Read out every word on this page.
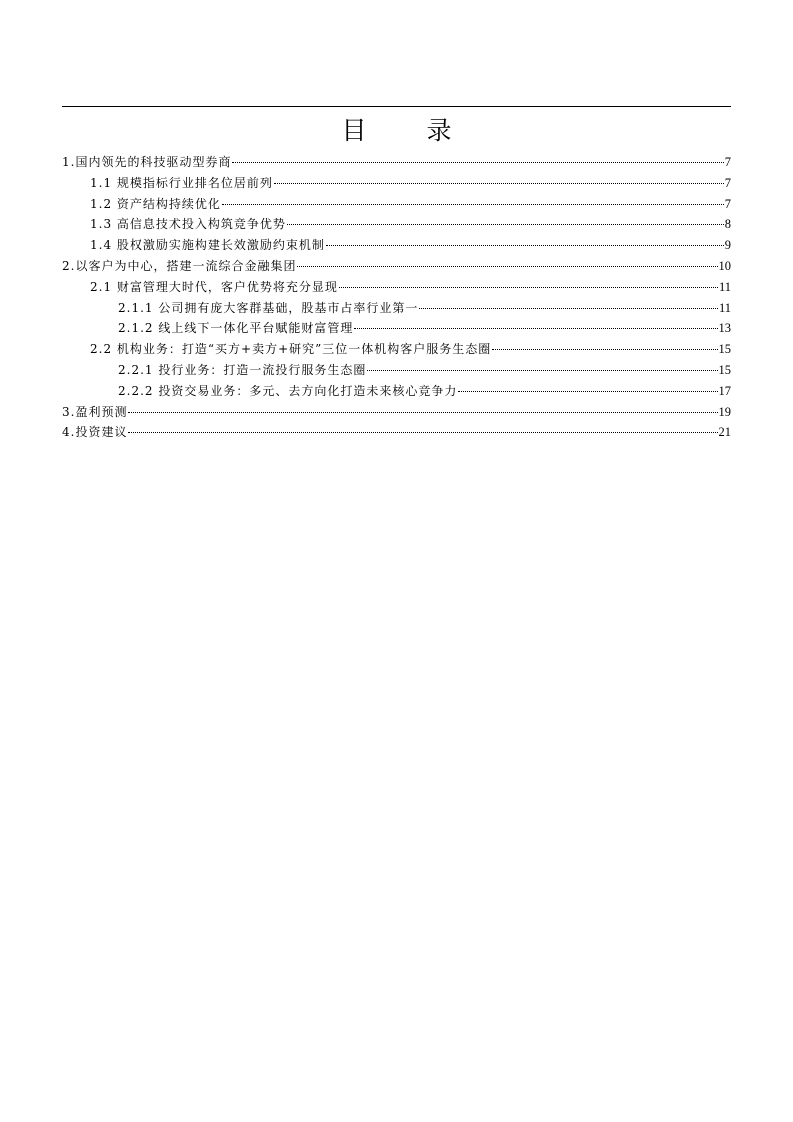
目 录
1.国内领先的科技驱动型券商	7
1.1 规模指标行业排名位居前列	7
1.2 资产结构持续优化	7
1.3 高信息技术投入构筑竞争优势	8
1.4 股权激励实施构建长效激励约束机制	9
2.以客户为中心，搭建一流综合金融集团	10
2.1 财富管理大时代，客户优势将充分显现	11
2.1.1 公司拥有庞大客群基础，股基市占率行业第一	11
2.1.2 线上线下一体化平台赋能财富管理	13
2.2 机构业务：打造“买方+卖方+研究”三位一体机构客户服务生态圈	15
2.2.1 投行业务：打造一流投行服务生态圈	15
2.2.2 投资交易业务：多元、去方向化打造未来核心竞争力	17
3.盈利预测	19
4.投资建议	21
